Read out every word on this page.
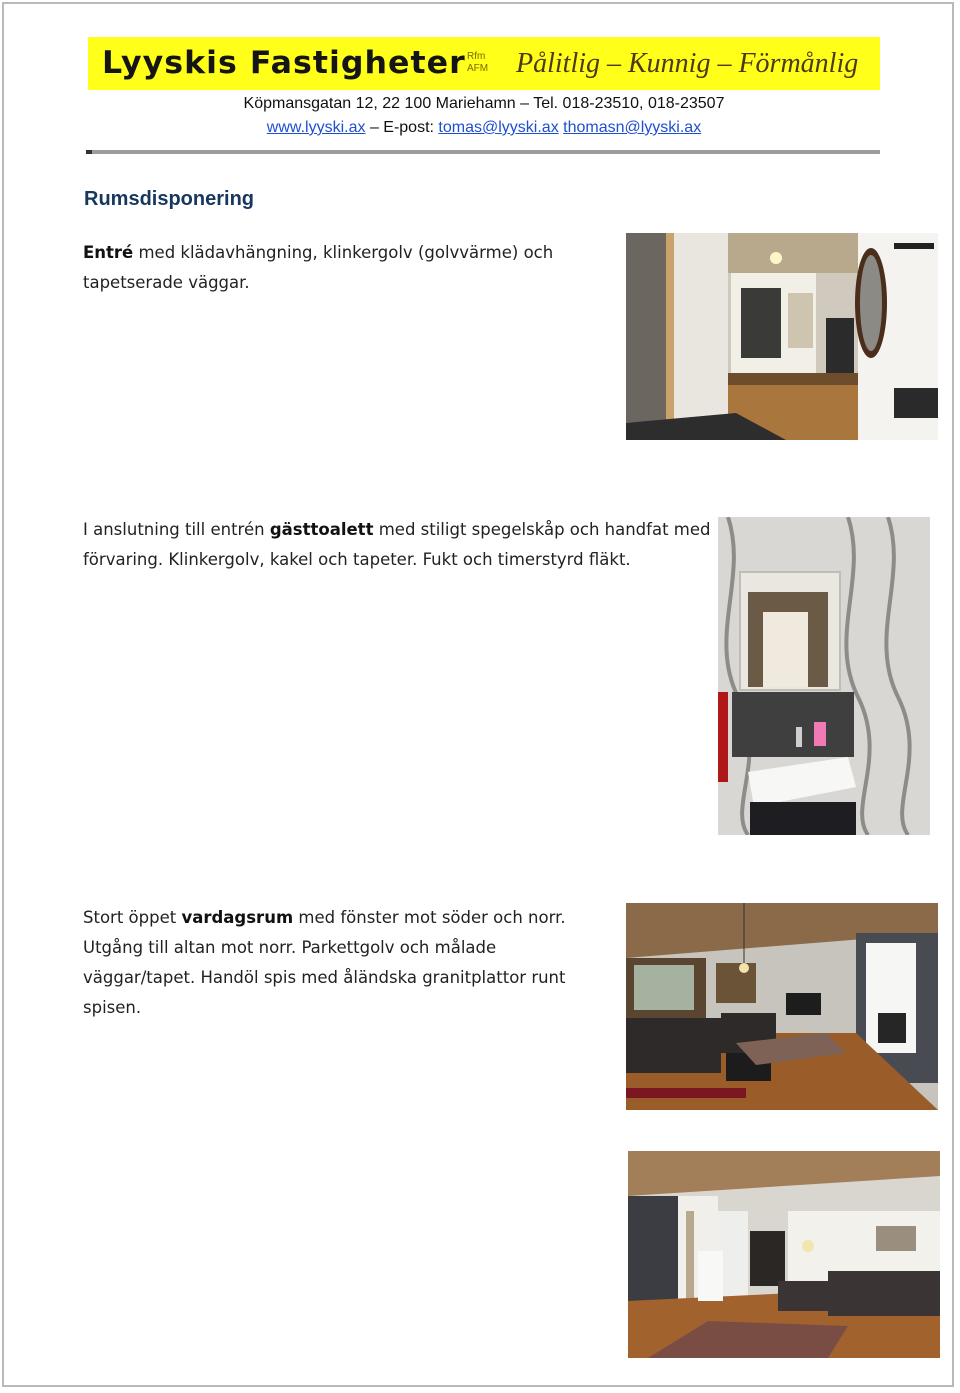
Lyyskis Fastigheter Rfm
AFM Pålitlig – Kunnig – Förmånlig
Köpmansgatan 12, 22 100 Mariehamn – Tel. 018-23510, 018-23507
www.lyyski.ax – E-post: tomas@lyyski.ax thomasn@lyyski.ax
Rumsdisponering
Entré med klädavhängning, klinkergolv (golvvärme) och tapetserade väggar.
I anslutning till entrén gästtoalett med stiligt spegelskåp och handfat med förvaring. Klinkergolv, kakel och tapeter. Fukt och timerstyrd fläkt.
Stort öppet vardagsrum med fönster mot söder och norr. Utgång till altan mot norr. Parkettgolv och målade väggar/tapet. Handöl spis med åländska granitplattor runt spisen.
